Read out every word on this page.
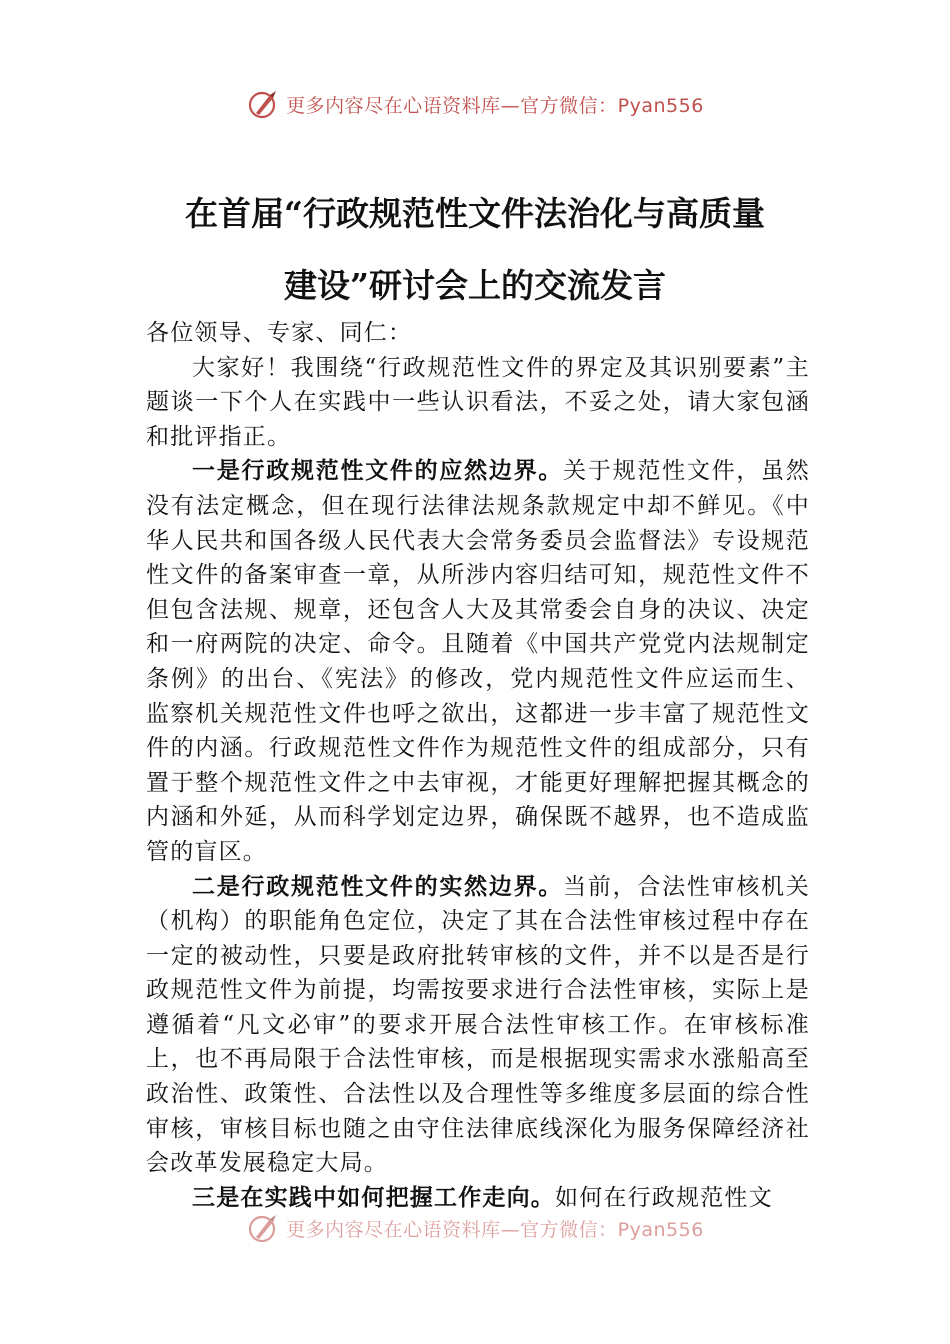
更多内容尽在心语资料库—官方微信：Pyan556
在首届“行政规范性文件法治化与高质量
建设”研讨会上的交流发言

各位领导、专家、同仁：

大家好！我围绕“行政规范性文件的界定及其识别要素”主题谈一下个人在实践中一些认识看法，不妥之处，请大家包涵和批评指正。

一是行政规范性文件的应然边界。关于规范性文件，虽然没有法定概念，但在现行法律法规条款规定中却不鲜见。《中华人民共和国各级人民代表大会常务委员会监督法》专设规范性文件的备案审查一章，从所涉内容归结可知，规范性文件不但包含法规、规章，还包含人大及其常委会自身的决议、决定和一府两院的决定、命令。且随着《中国共产党党内法规制定条例》的出台、《宪法》的修改，党内规范性文件应运而生、监察机关规范性文件也呼之欲出，这都进一步丰富了规范性文件的内涵。行政规范性文件作为规范性文件的组成部分，只有置于整个规范性文件之中去审视，才能更好理解把握其概念的内涵和外延，从而科学划定边界，确保既不越界，也不造成监管的盲区。

二是行政规范性文件的实然边界。当前，合法性审核机关（机构）的职能角色定位，决定了其在合法性审核过程中存在一定的被动性，只要是政府批转审核的文件，并不以是否是行政规范性文件为前提，均需按要求进行合法性审核，实际上是遵循着“凡文必审”的要求开展合法性审核工作。在审核标准上，也不再局限于合法性审核，而是根据现实需求水涨船高至政治性、政策性、合法性以及合理性等多维度多层面的综合性审核，审核目标也随之由守住法律底线深化为服务保障经济社会改革发展稳定大局。

三是在实践中如何把握工作走向。如何在行政规范性文

更多内容尽在心语资料库—官方微信：Pyan556
